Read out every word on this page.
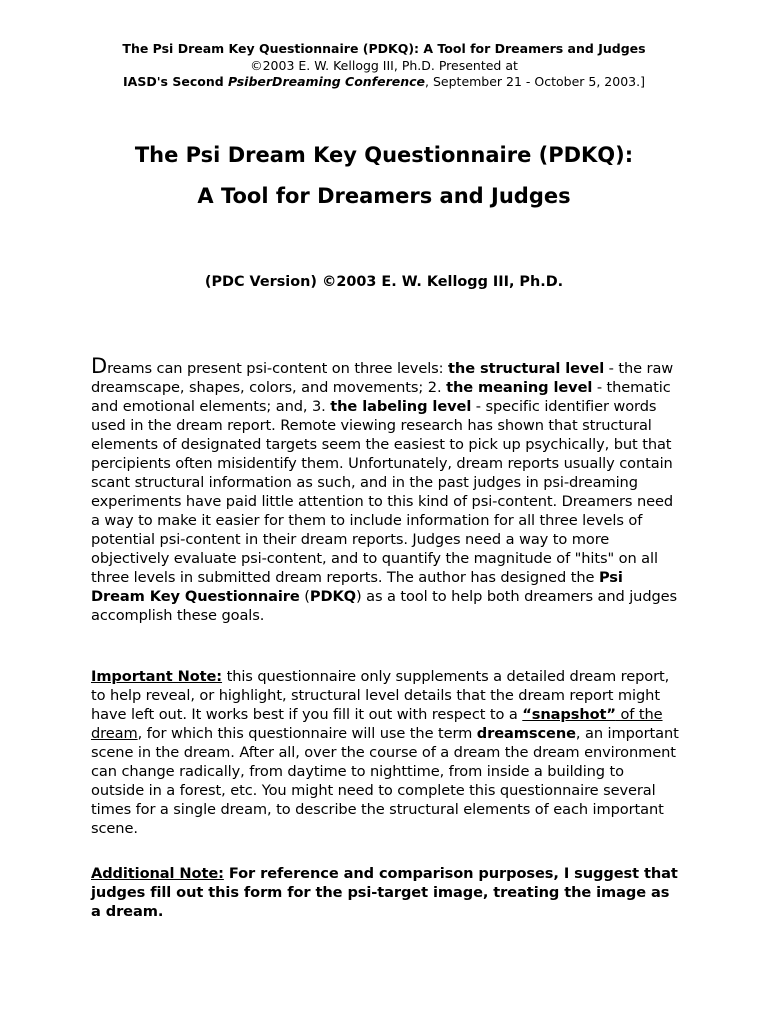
The Psi Dream Key Questionnaire (PDKQ): A Tool for Dreamers and Judges
©2003 E. W. Kellogg III, Ph.D. Presented at
IASD's Second PsiberDreaming Conference, September 21 - October 5, 2003.]
The Psi Dream Key Questionnaire (PDKQ):
A Tool for Dreamers and Judges
(PDC Version) ©2003 E. W. Kellogg III, Ph.D.
Dreams can present psi-content on three levels: the structural level - the raw dreamscape, shapes, colors, and movements; 2. the meaning level - thematic and emotional elements; and, 3. the labeling level - specific identifier words used in the dream report. Remote viewing research has shown that structural elements of designated targets seem the easiest to pick up psychically, but that percipients often misidentify them. Unfortunately, dream reports usually contain scant structural information as such, and in the past judges in psi-dreaming experiments have paid little attention to this kind of psi-content. Dreamers need a way to make it easier for them to include information for all three levels of potential psi-content in their dream reports. Judges need a way to more objectively evaluate psi-content, and to quantify the magnitude of "hits" on all three levels in submitted dream reports. The author has designed the Psi Dream Key Questionnaire (PDKQ) as a tool to help both dreamers and judges accomplish these goals.
Important Note: this questionnaire only supplements a detailed dream report, to help reveal, or highlight, structural level details that the dream report might have left out. It works best if you fill it out with respect to a “snapshot” of the dream, for which this questionnaire will use the term dreamscene, an important scene in the dream. After all, over the course of a dream the dream environment can change radically, from daytime to nighttime, from inside a building to outside in a forest, etc. You might need to complete this questionnaire several times for a single dream, to describe the structural elements of each important scene.
Additional Note: For reference and comparison purposes, I suggest that judges fill out this form for the psi-target image, treating the image as a dream.
